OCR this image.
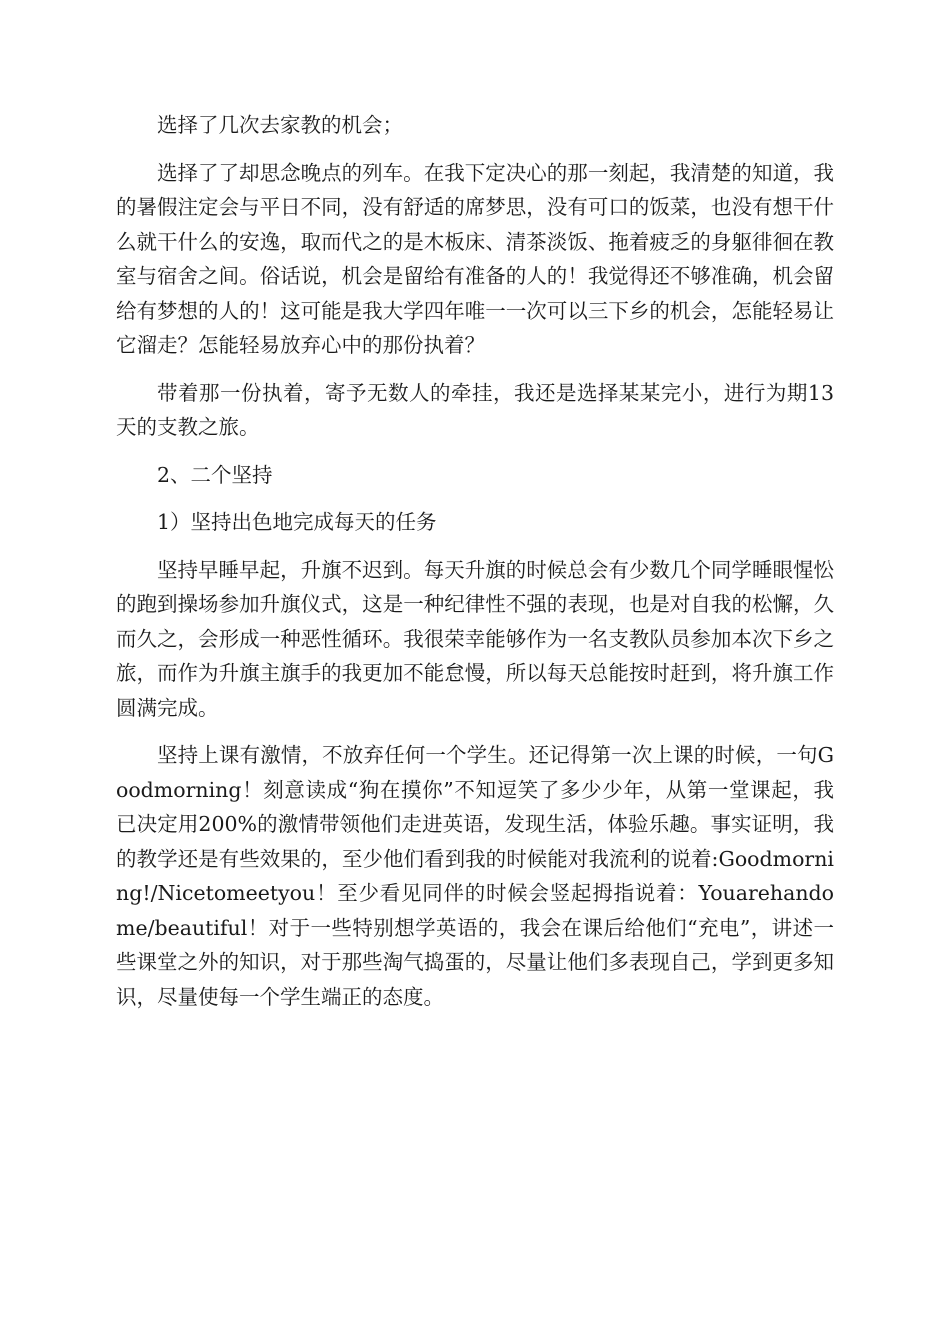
选择了几次去家教的机会；

选择了了却思念晚点的列车。在我下定决心的那一刻起，我清楚的知道，我的暑假注定会与平日不同，没有舒适的席梦思，没有可口的饭菜，也没有想干什么就干什么的安逸，取而代之的是木板床、清茶淡饭、拖着疲乏的身躯徘徊在教室与宿舍之间。俗话说，机会是留给有准备的人的！我觉得还不够准确，机会留给有梦想的人的！这可能是我大学四年唯一一次可以三下乡的机会，怎能轻易让它溜走？怎能轻易放弃心中的那份执着？

带着那一份执着，寄予无数人的牵挂，我还是选择某某完小，进行为期13天的支教之旅。

2、二个坚持

1）坚持出色地完成每天的任务

坚持早睡早起，升旗不迟到。每天升旗的时候总会有少数几个同学睡眼惺忪的跑到操场参加升旗仪式，这是一种纪律性不强的表现，也是对自我的松懈，久而久之，会形成一种恶性循环。我很荣幸能够作为一名支教队员参加本次下乡之旅，而作为升旗主旗手的我更加不能怠慢，所以每天总能按时赶到，将升旗工作圆满完成。

坚持上课有激情，不放弃任何一个学生。还记得第一次上课的时候，一句Goodmorning！刻意读成“狗在摸你”不知逗笑了多少少年，从第一堂课起，我已决定用200%的激情带领他们走进英语，发现生活，体验乐趣。事实证明，我的教学还是有些效果的，至少他们看到我的时候能对我流利的说着:Goodmorning!/Nicetomeetyou！至少看见同伴的时候会竖起拇指说着：Youarehandome/beautiful！对于一些特别想学英语的，我会在课后给他们“充电”，讲述一些课堂之外的知识，对于那些淘气捣蛋的，尽量让他们多表现自己，学到更多知识，尽量使每一个学生端正的态度。
